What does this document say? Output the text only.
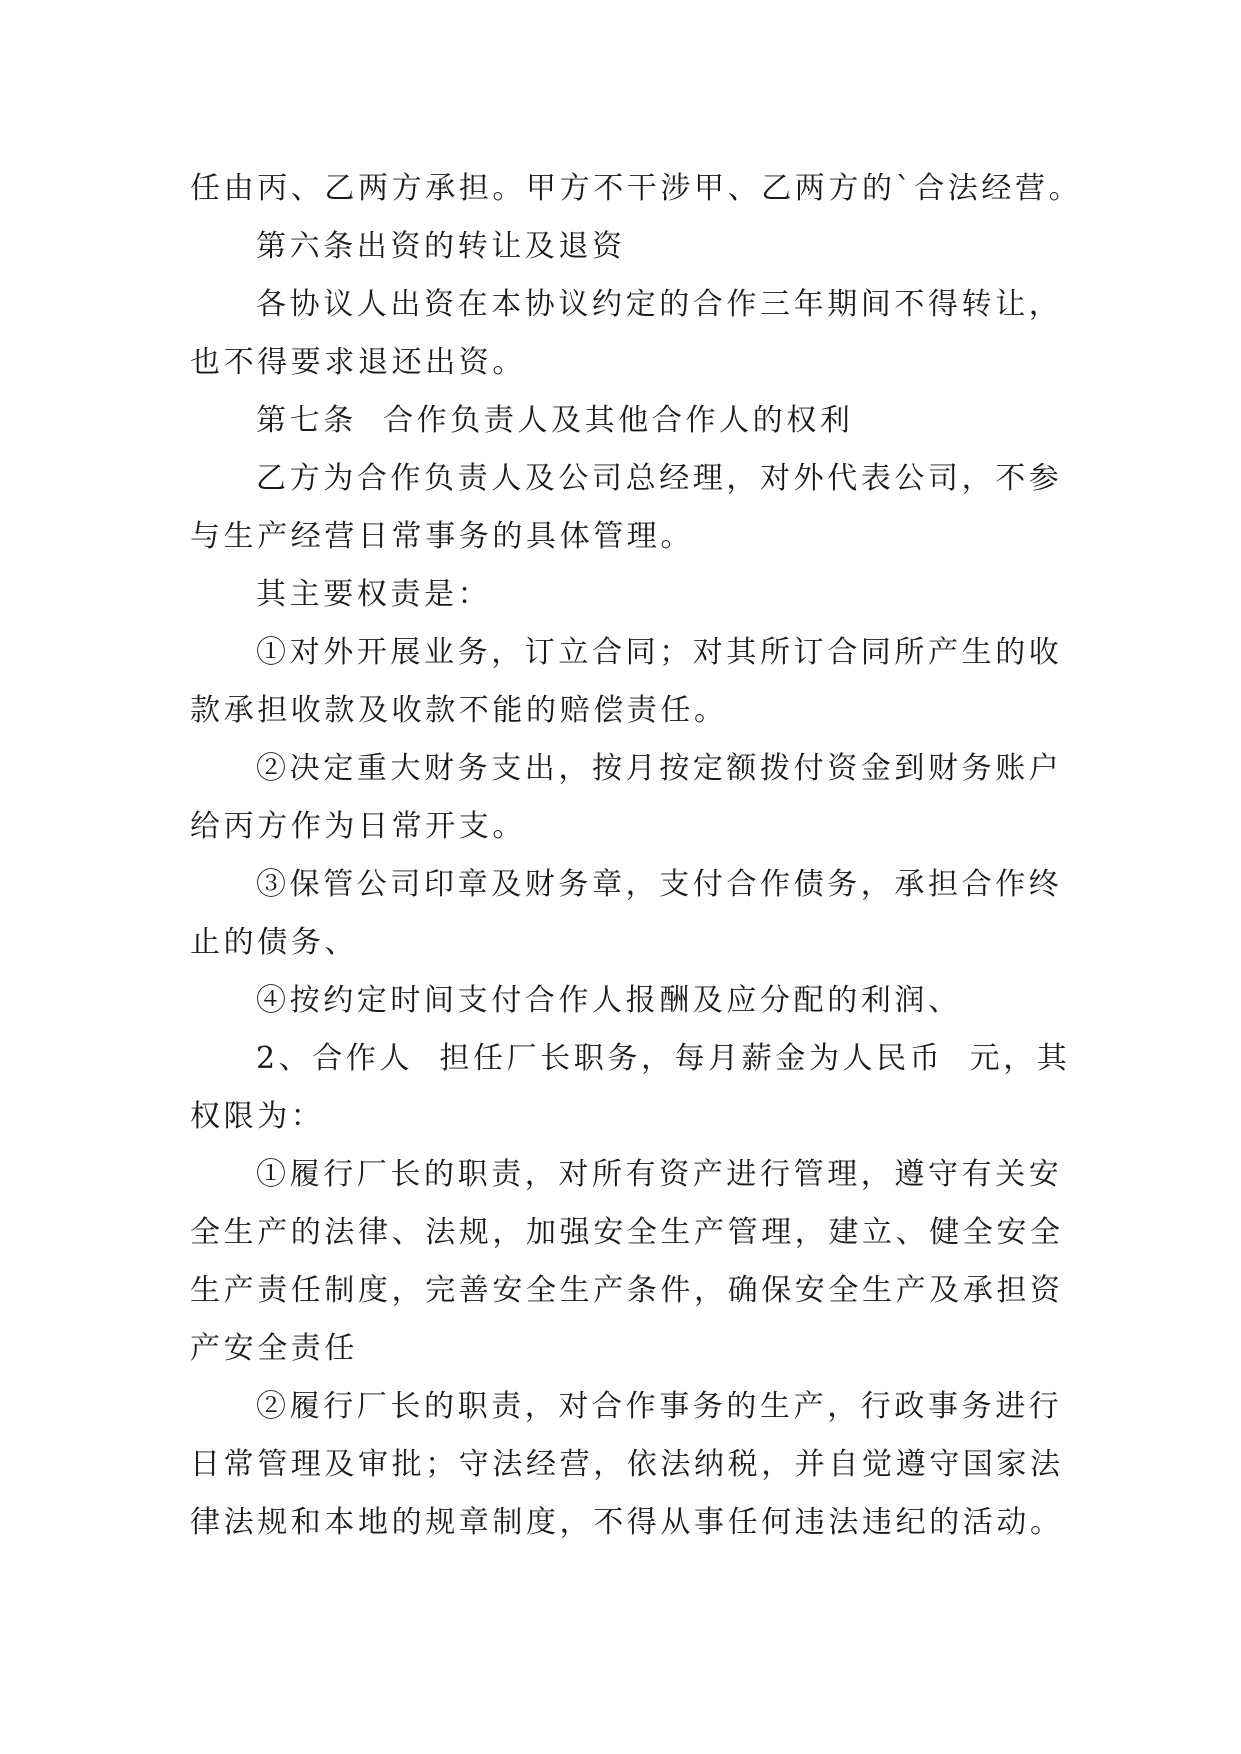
任由丙、乙两方承担。甲方不干涉甲、乙两方的`合法经营。
第六条出资的转让及退资
各协议人出资在本协议约定的合作三年期间不得转让，
也不得要求退还出资。
第七条  合作负责人及其他合作人的权利
乙方为合作负责人及公司总经理，对外代表公司，不参
与生产经营日常事务的具体管理。
其主要权责是：
①对外开展业务，订立合同；对其所订合同所产生的收
款承担收款及收款不能的赔偿责任。
②决定重大财务支出，按月按定额拨付资金到财务账户
给丙方作为日常开支。
③保管公司印章及财务章，支付合作债务，承担合作终
止的债务、
④按约定时间支付合作人报酬及应分配的利润、
2、合作人  担任厂长职务，每月薪金为人民币  元，其
权限为：
①履行厂长的职责，对所有资产进行管理，遵守有关安
全生产的法律、法规，加强安全生产管理，建立、健全安全
生产责任制度，完善安全生产条件，确保安全生产及承担资
产安全责任
②履行厂长的职责，对合作事务的生产，行政事务进行
日常管理及审批；守法经营，依法纳税，并自觉遵守国家法
律法规和本地的规章制度，不得从事任何违法违纪的活动。
